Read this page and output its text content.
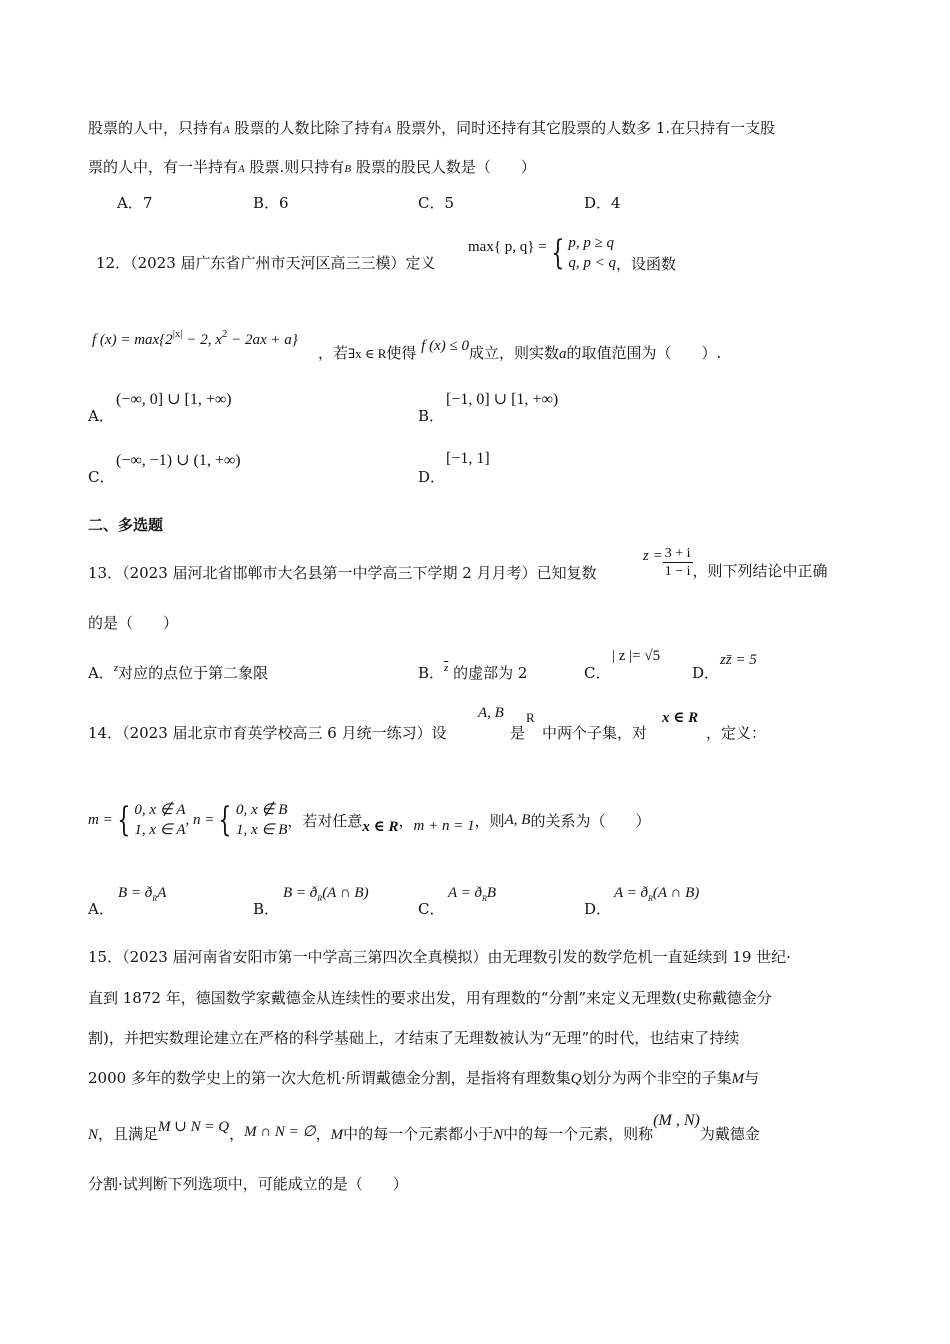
股票的人中，只持有A 股票的人数比除了持有A 股票外，同时还持有其它股票的人数多 1.在只持有一支股
票的人中，有一半持有A 股票.则只持有B 股票的股民人数是（　　）
A．7	B．6	C．5	D．4
12．（2023 届广东省广州市天河区高三三模）定义
max{ p, q} = { p, p ≥ q
q, p < q ，设函数
f $(x) = \max\{2^{|x|} - 2$, $x^2 - 2ax + a$}
，若∃x ∈ R使得 f (x) ≤ 0成立，则实数a的取值范围为（　　）.
A．
(−∞, 0] ∪ [1, +∞)
B．
[−1, 0] ∪ [1, +∞)
C．
(−∞, −1) ∪ (1, +∞)
D．
[−1, 1]
二、多选题
13．（2023 届河北省邯郸市大名县第一中学高三下学期 2 月月考）已知复数
$z = \frac{3 + i}{1 - i}$ ，则下列结论中正确
的是（　　）
A．$^z$对应的点位于第二象限	B．$^{\overline{z}}$ 的虚部为 2	C．
| z |= √5
D．
zz̄ = 5
14．（2023 届北京市育英学校高三 6 月统一练习）设
A, B
是
R
中两个子集，对
x ∈ R
，定义：
m = { 0, x ∉ A
1, x ∈ A
, n = { 0, x ∉ B
1, x ∈ B
，若对任意 x ∈ R ， m + n = 1 ，则 A, B 的关系为（　　）
A．
$B = ð_RA$
B．
$B = ð_R(A$ ∩ B)
C．
$A = ð_RB$
D．
$A = ð_R(A$ ∩ B)
15．（2023 届河南省安阳市第一中学高三第四次全真模拟）由无理数引发的数学危机一直延续到 19 世纪·
直到 1872 年，德国数学家戴德金从连续性的要求出发，用有理数的“分割”来定义无理数(史称戴德金分
割)，并把实数理论建立在严格的科学基础上，才结束了无理数被认为“无理”的时代，也结束了持续
2000 多年的数学史上的第一次大危机·所谓戴德金分割，是指将有理数集Q划分为两个非空的子集M与
N，且满足M ∪ N = Q，M ∩ N = ∅，M中的每一个元素都小于N中的每一个元素，则称(M , N)为戴德金
分割·试判断下列选项中，可能成立的是（　　）
